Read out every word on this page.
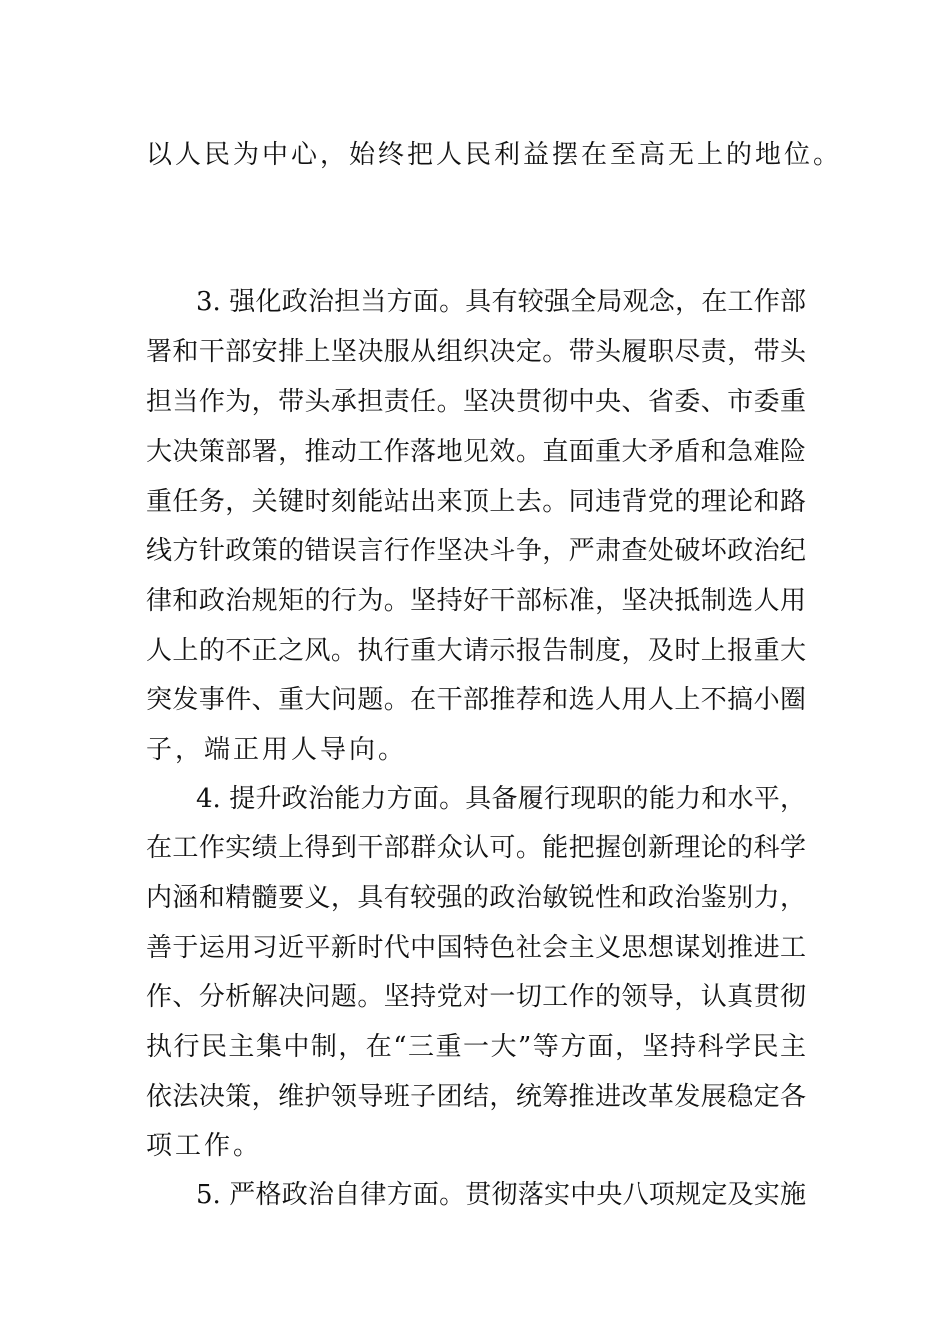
以人民为中心，始终把人民利益摆在至高无上的地位。
3. 强化政治担当方面。具有较强全局观念，在工作部
署和干部安排上坚决服从组织决定。带头履职尽责，带头
担当作为，带头承担责任。坚决贯彻中央、省委、市委重
大决策部署，推动工作落地见效。直面重大矛盾和急难险
重任务，关键时刻能站出来顶上去。同违背党的理论和路
线方针政策的错误言行作坚决斗争，严肃查处破坏政治纪
律和政治规矩的行为。坚持好干部标准，坚决抵制选人用
人上的不正之风。执行重大请示报告制度，及时上报重大
突发事件、重大问题。在干部推荐和选人用人上不搞小圈
子，端正用人导向。
4. 提升政治能力方面。具备履行现职的能力和水平，
在工作实绩上得到干部群众认可。能把握创新理论的科学
内涵和精髓要义，具有较强的政治敏锐性和政治鉴别力，
善于运用习近平新时代中国特色社会主义思想谋划推进工
作、分析解决问题。坚持党对一切工作的领导，认真贯彻
执行民主集中制，在“三重一大”等方面，坚持科学民主
依法决策，维护领导班子团结，统筹推进改革发展稳定各
项工作。
5. 严格政治自律方面。贯彻落实中央八项规定及实施
